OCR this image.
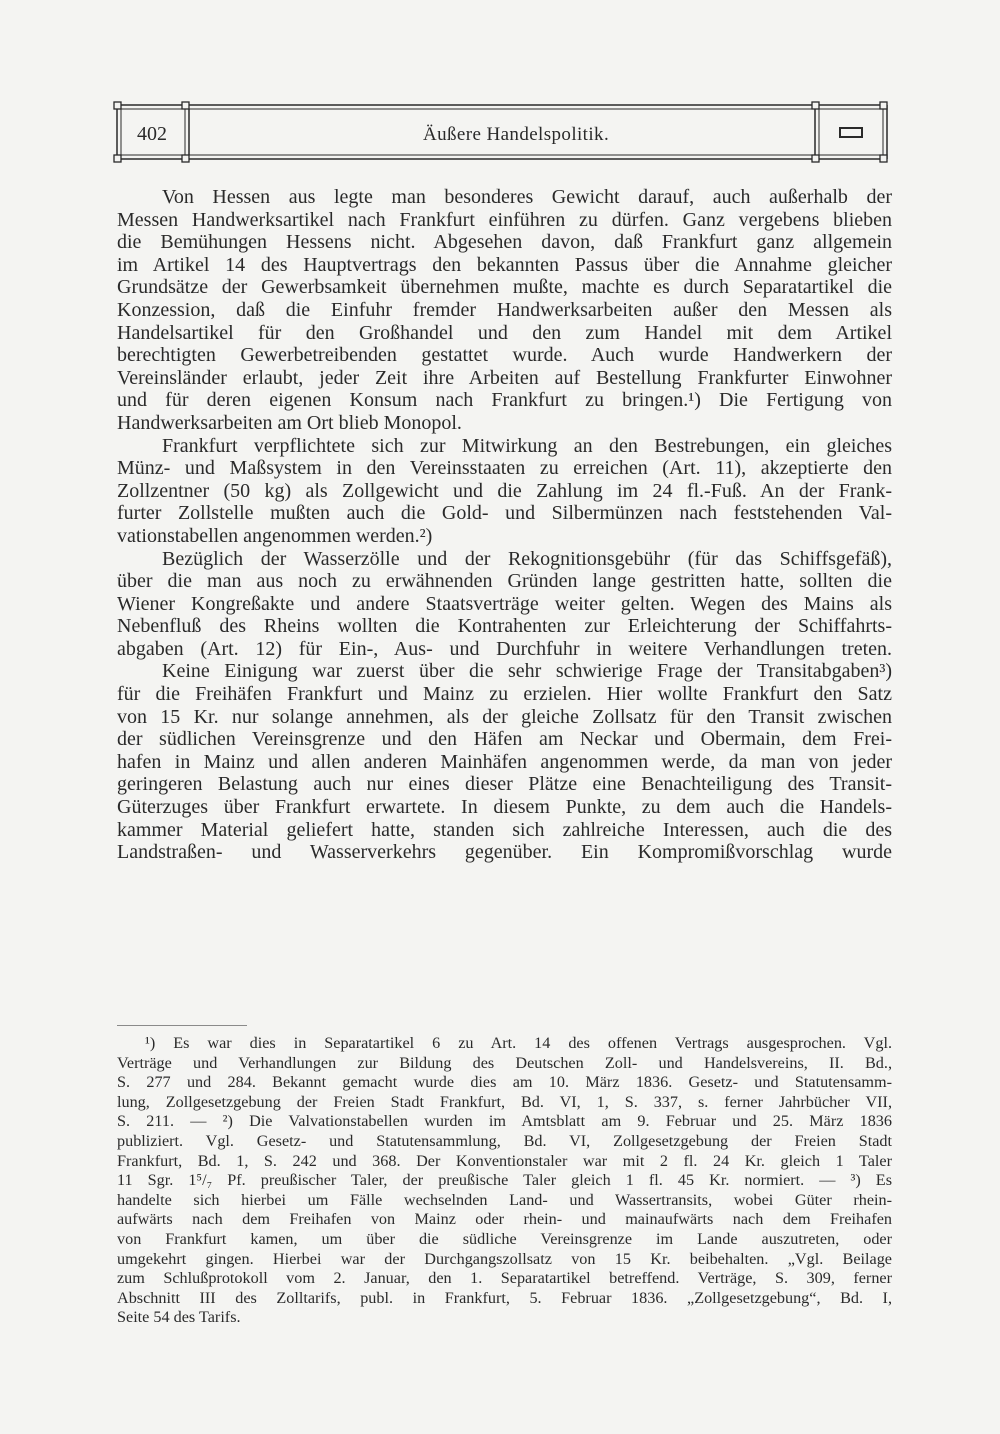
402	Äußere Handelspolitik.

Von Hessen aus legte man besonderes Gewicht darauf, auch außerhalb der
Messen Handwerksartikel nach Frankfurt einführen zu dürfen. Ganz vergebens blieben
die Bemühungen Hessens nicht. Abgesehen davon, daß Frankfurt ganz allgemein
im Artikel 14 des Hauptvertrags den bekannten Passus über die Annahme gleicher
Grundsätze der Gewerbsamkeit übernehmen mußte, machte es durch Separatartikel die
Konzession, daß die Einfuhr fremder Handwerksarbeiten außer den Messen als
Handelsartikel für den Großhandel und den zum Handel mit dem Artikel
berechtigten Gewerbetreibenden gestattet wurde. Auch wurde Handwerkern der
Vereinsländer erlaubt, jeder Zeit ihre Arbeiten auf Bestellung Frankfurter Einwohner
und für deren eigenen Konsum nach Frankfurt zu bringen.¹) Die Fertigung von
Handwerksarbeiten am Ort blieb Monopol.

Frankfurt verpflichtete sich zur Mitwirkung an den Bestrebungen, ein gleiches
Münz- und Maßsystem in den Vereinsstaaten zu erreichen (Art. 11), akzeptierte den
Zollzentner (50 kg) als Zollgewicht und die Zahlung im 24 fl.-Fuß. An der Frank-
furter Zollstelle mußten auch die Gold- und Silbermünzen nach feststehenden Val-
vationstabellen angenommen werden.²)

Bezüglich der Wasserzölle und der Rekognitionsgebühr (für das Schiffsgefäß),
über die man aus noch zu erwähnenden Gründen lange gestritten hatte, sollten die
Wiener Kongreßakte und andere Staatsverträge weiter gelten. Wegen des Mains als
Nebenfluß des Rheins wollten die Kontrahenten zur Erleichterung der Schiffahrts-
abgaben (Art. 12) für Ein-, Aus- und Durchfuhr in weitere Verhandlungen treten.

Keine Einigung war zuerst über die sehr schwierige Frage der Transitabgaben³)
für die Freihäfen Frankfurt und Mainz zu erzielen. Hier wollte Frankfurt den Satz
von 15 Kr. nur solange annehmen, als der gleiche Zollsatz für den Transit zwischen
der südlichen Vereinsgrenze und den Häfen am Neckar und Obermain, dem Frei-
hafen in Mainz und allen anderen Mainhäfen angenommen werde, da man von jeder
geringeren Belastung auch nur eines dieser Plätze eine Benachteiligung des Transit-
Güterzuges über Frankfurt erwartete. In diesem Punkte, zu dem auch die Handels-
kammer Material geliefert hatte, standen sich zahlreiche Interessen, auch die des
Landstraßen- und Wasserverkehrs gegenüber. Ein Kompromißvorschlag wurde

¹) Es war dies in Separatartikel 6 zu Art. 14 des offenen Vertrags ausgesprochen. Vgl.
Verträge und Verhandlungen zur Bildung des Deutschen Zoll- und Handelsvereins, II. Bd.,
S. 277 und 284. Bekannt gemacht wurde dies am 10. März 1836. Gesetz- und Statutensamm-
lung, Zollgesetzgebung der Freien Stadt Frankfurt, Bd. VI, 1, S. 337, s. ferner Jahrbücher VII,
S. 211. — ²) Die Valvationstabellen wurden im Amtsblatt am 9. Februar und 25. März 1836
publiziert. Vgl. Gesetz- und Statutensammlung, Bd. VI, Zollgesetzgebung der Freien Stadt
Frankfurt, Bd. 1, S. 242 und 368. Der Konventionstaler war mit 2 fl. 24 Kr. gleich 1 Taler
11 Sgr. 1⁵/₇ Pf. preußischer Taler, der preußische Taler gleich 1 fl. 45 Kr. normiert. — ³) Es
handelte sich hierbei um Fälle wechselnden Land- und Wassertransits, wobei Güter rhein-
aufwärts nach dem Freihafen von Mainz oder rhein- und mainaufwärts nach dem Freihafen
von Frankfurt kamen, um über die südliche Vereinsgrenze im Lande auszutreten, oder
umgekehrt gingen. Hierbei war der Durchgangszollsatz von 15 Kr. beibehalten. „Vgl. Beilage
zum Schlußprotokoll vom 2. Januar, den 1. Separatartikel betreffend. Verträge, S. 309, ferner
Abschnitt III des Zolltarifs, publ. in Frankfurt, 5. Februar 1836. „Zollgesetzgebung“, Bd. I,
Seite 54 des Tarifs.
